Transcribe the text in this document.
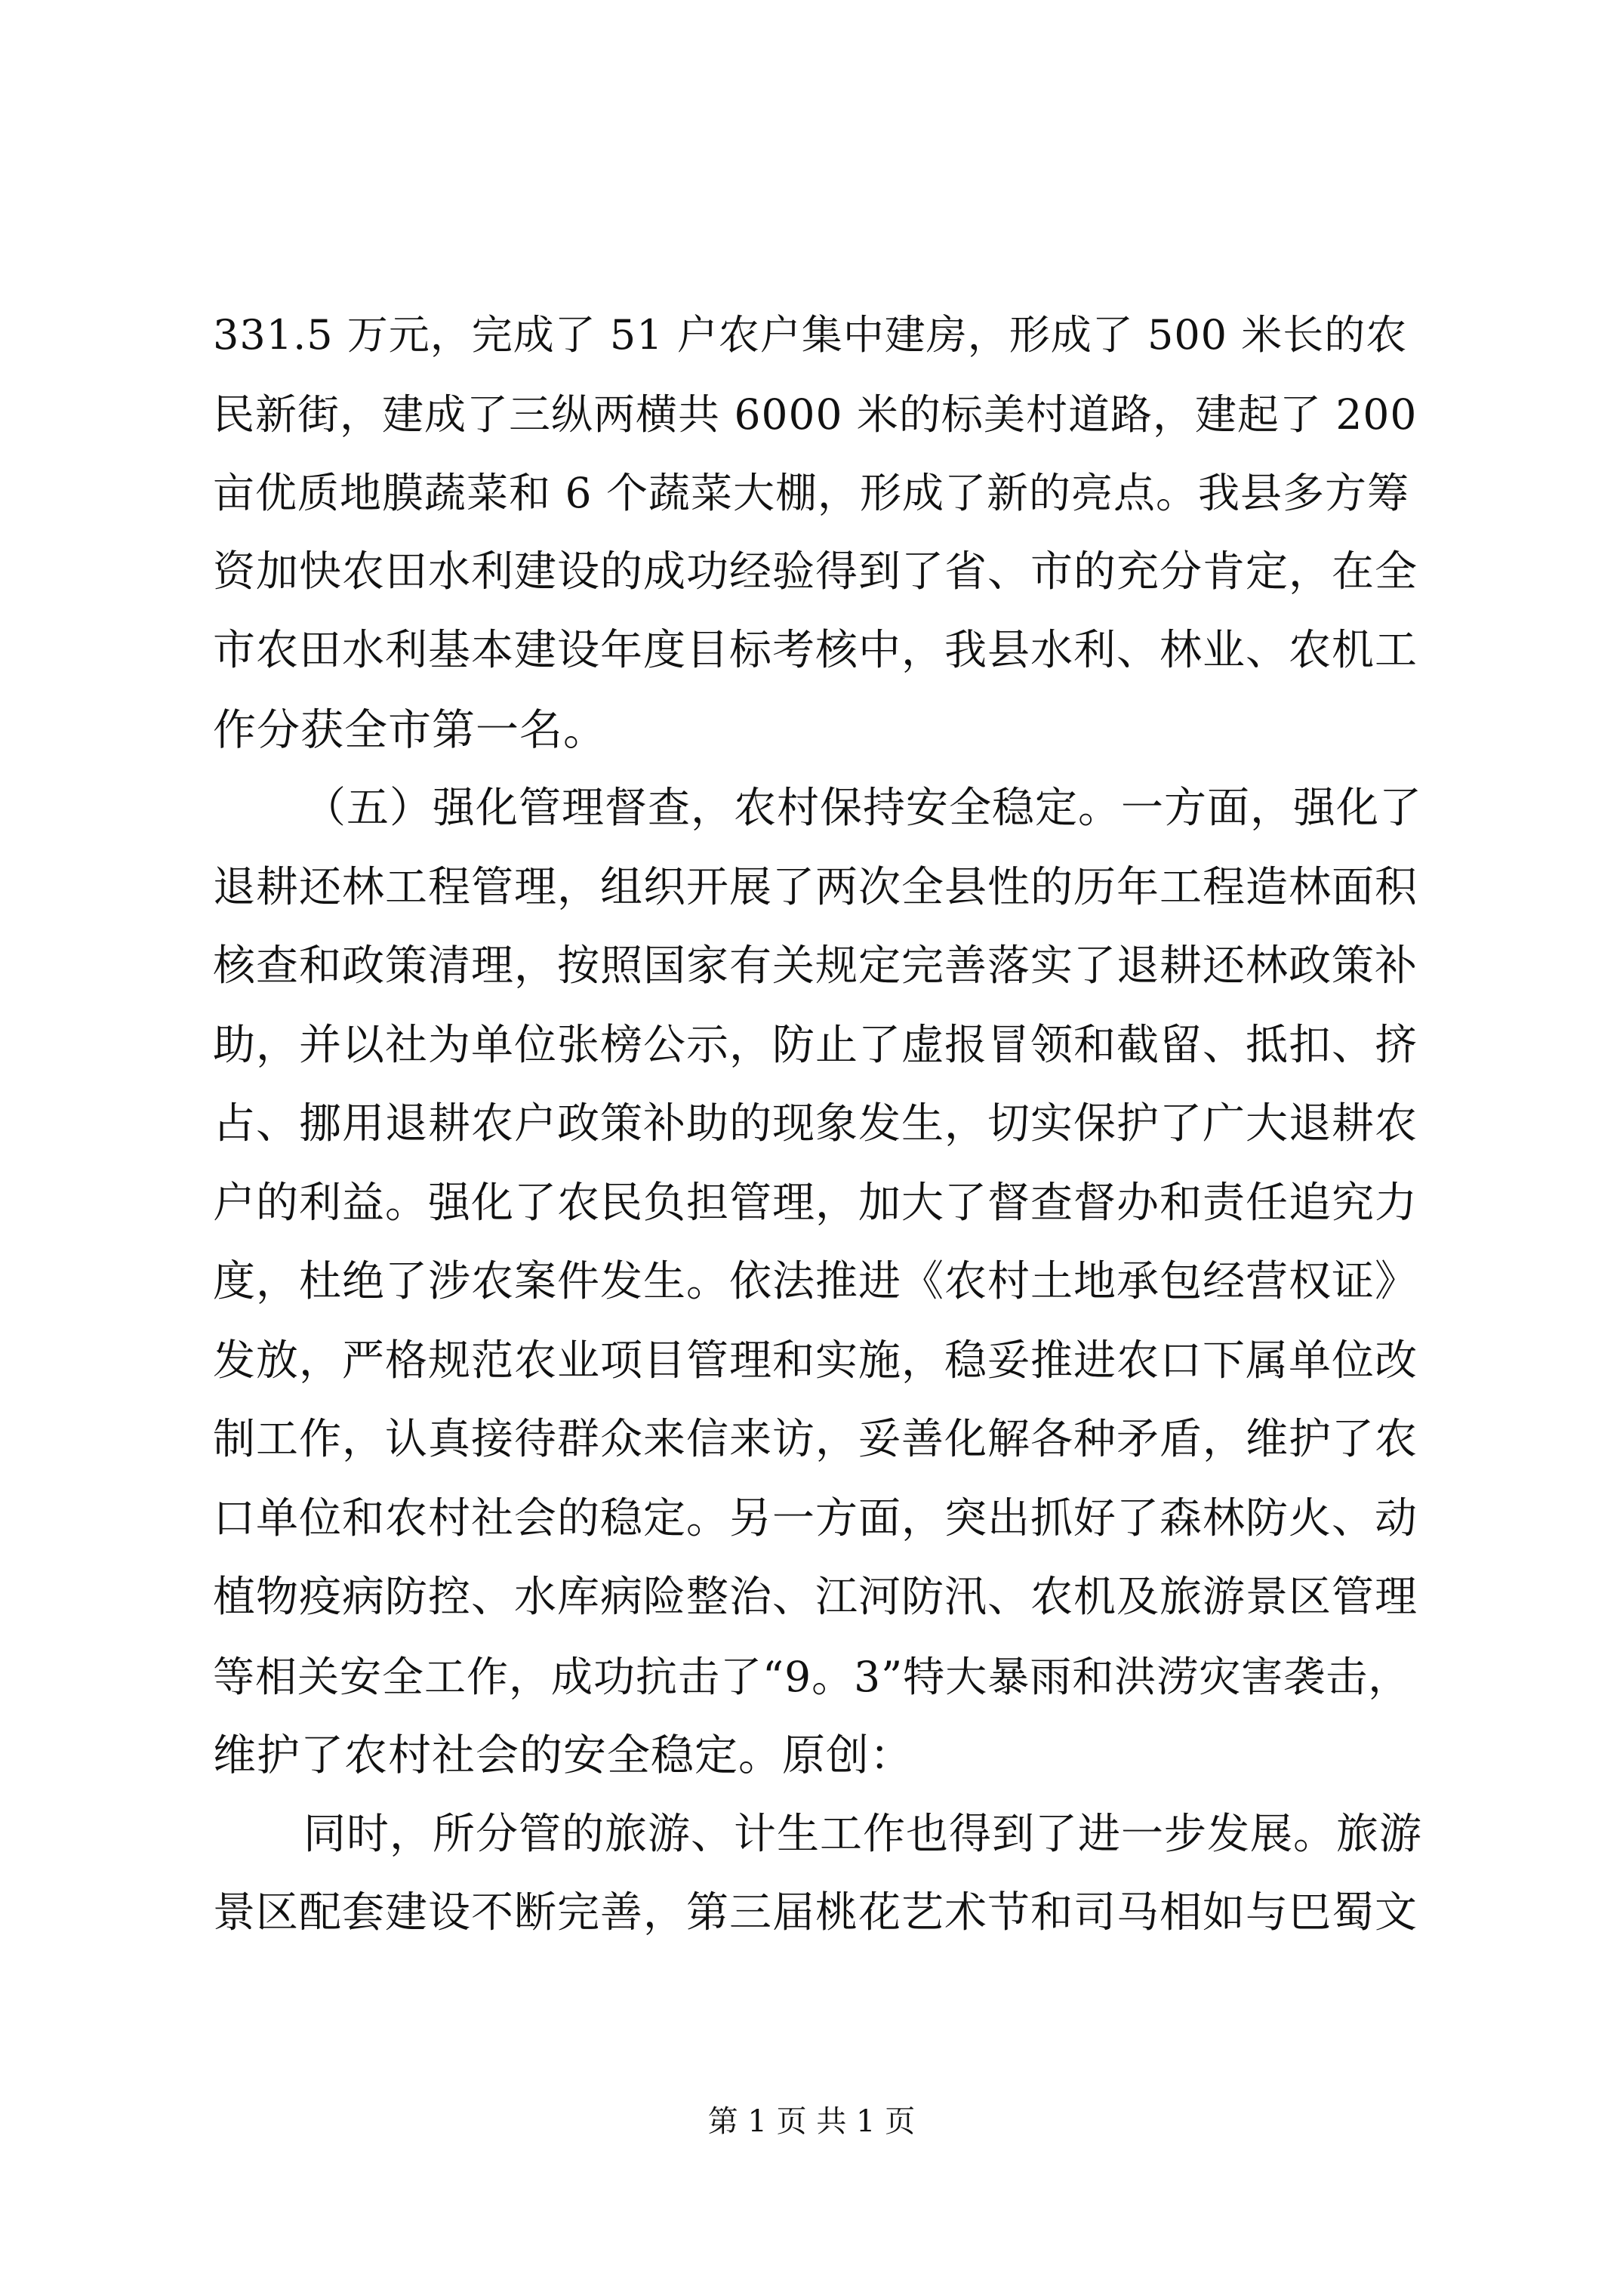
331.5 万元，完成了 51 户农户集中建房，形成了 500 米长的农
民新街，建成了三纵两横共 6000 米的标美村道路，建起了 200
亩优质地膜蔬菜和 6 个蔬菜大棚，形成了新的亮点。我县多方筹
资加快农田水利建设的成功经验得到了省、市的充分肯定，在全
市农田水利基本建设年度目标考核中，我县水利、林业、农机工
作分获全市第一名。
（五）强化管理督查，农村保持安全稳定。一方面，强化了
退耕还林工程管理，组织开展了两次全县性的历年工程造林面积
核查和政策清理，按照国家有关规定完善落实了退耕还林政策补
助，并以社为单位张榜公示，防止了虚报冒领和截留、抵扣、挤
占、挪用退耕农户政策补助的现象发生，切实保护了广大退耕农
户的利益。强化了农民负担管理，加大了督查督办和责任追究力
度，杜绝了涉农案件发生。依法推进《农村土地承包经营权证》
发放，严格规范农业项目管理和实施，稳妥推进农口下属单位改
制工作，认真接待群众来信来访，妥善化解各种矛盾，维护了农
口单位和农村社会的稳定。另一方面，突出抓好了森林防火、动
植物疫病防控、水库病险整治、江河防汛、农机及旅游景区管理
等相关安全工作，成功抗击了“9。3”特大暴雨和洪涝灾害袭击，
维护了农村社会的安全稳定。原创：
同时，所分管的旅游、计生工作也得到了进一步发展。旅游
景区配套建设不断完善，第三届桃花艺术节和司马相如与巴蜀文
第 1 页 共 1 页
